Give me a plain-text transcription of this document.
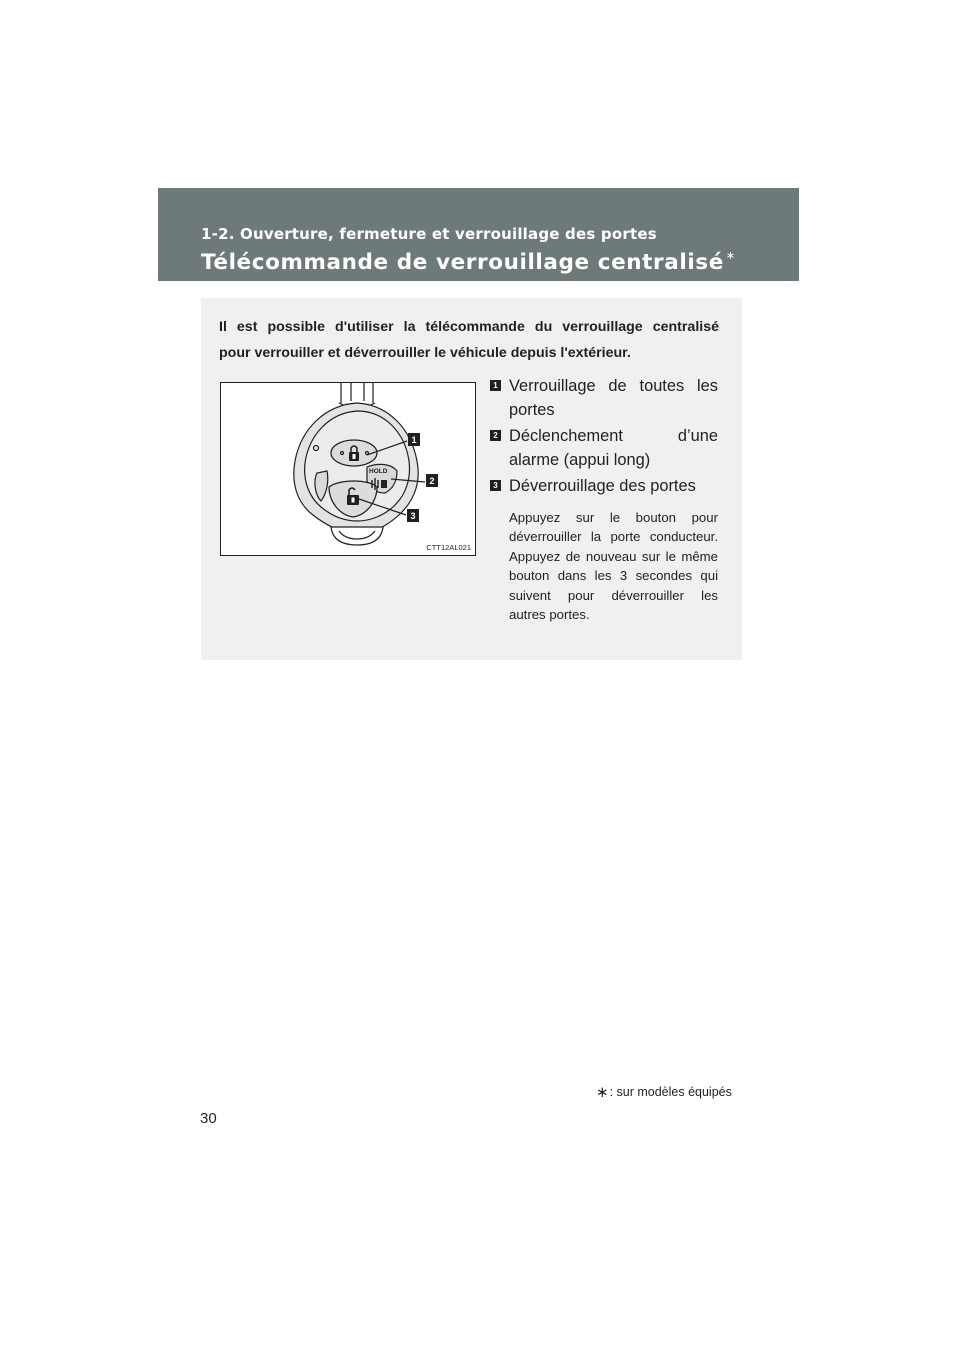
1-2. Ouverture, fermeture et verrouillage des portes
Télécommande de verrouillage centralisé ∗
Il est possible d'utiliser la télécommande du verrouillage centralisé
pour verrouiller et déverrouiller le véhicule depuis l'extérieur.
HOLD
1
2
3
CTT12AL021
1 Verrouillage de toutes les
portes
2 Déclenchement d’une
alarme (appui long)
3 Déverrouillage des portes
Appuyez sur le bouton pour déverrouiller la porte conducteur. Appuyez de nouveau sur le même bouton dans les 3 secondes qui suivent pour déverrouiller les
autres portes.
∗: sur modèles équipés
30
